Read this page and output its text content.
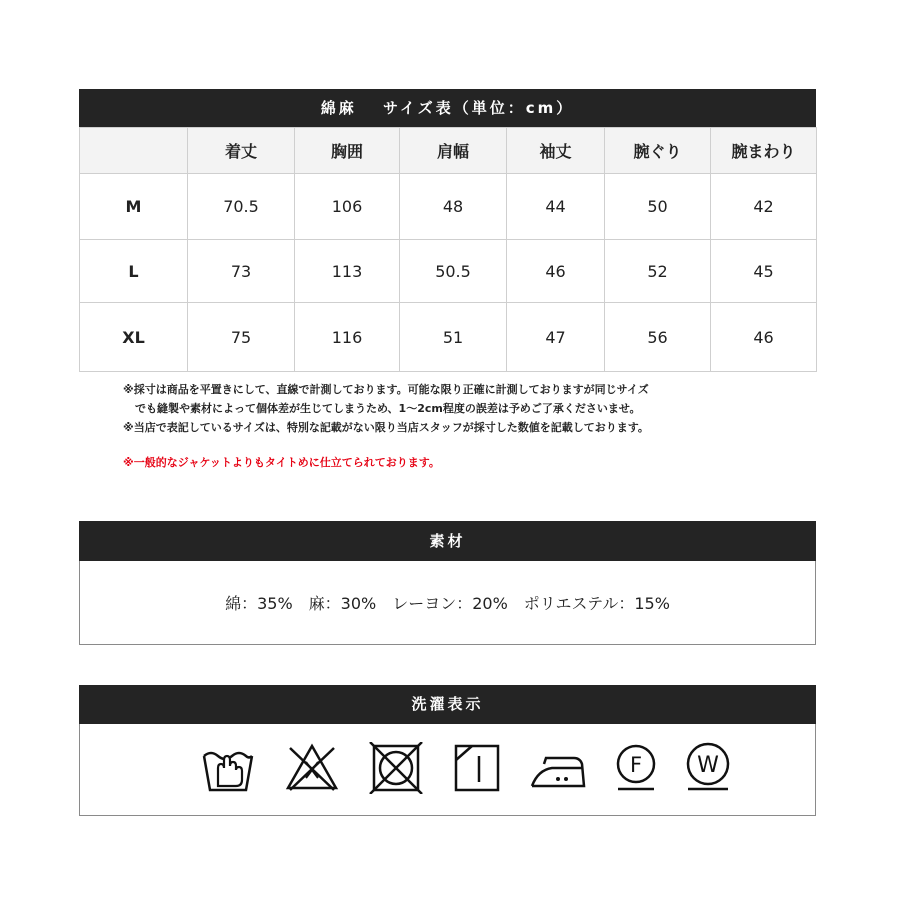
綿麻　 サイズ表（単位：cm）
	着丈	胸囲	肩幅	袖丈	腕ぐり	腕まわり
M	70.5	106	48	44	50	42
L	73	113	50.5	46	52	45
XL	75	116	51	47	56	46
※採寸は商品を平置きにして、直線で計測しております。可能な限り正確に計測しておりますが同じサイズ
でも縫製や素材によって個体差が生じてしまうため、1～2cm程度の誤差は予めご了承くださいませ。
※当店で表記しているサイズは、特別な記載がない限り当店スタッフが採寸した数値を記載しております。
※一般的なジャケットよりもタイトめに仕立てられております。
素材
綿：35%　麻：30%　レーヨン：20%　ポリエステル：15%
洗濯表示
F	W
